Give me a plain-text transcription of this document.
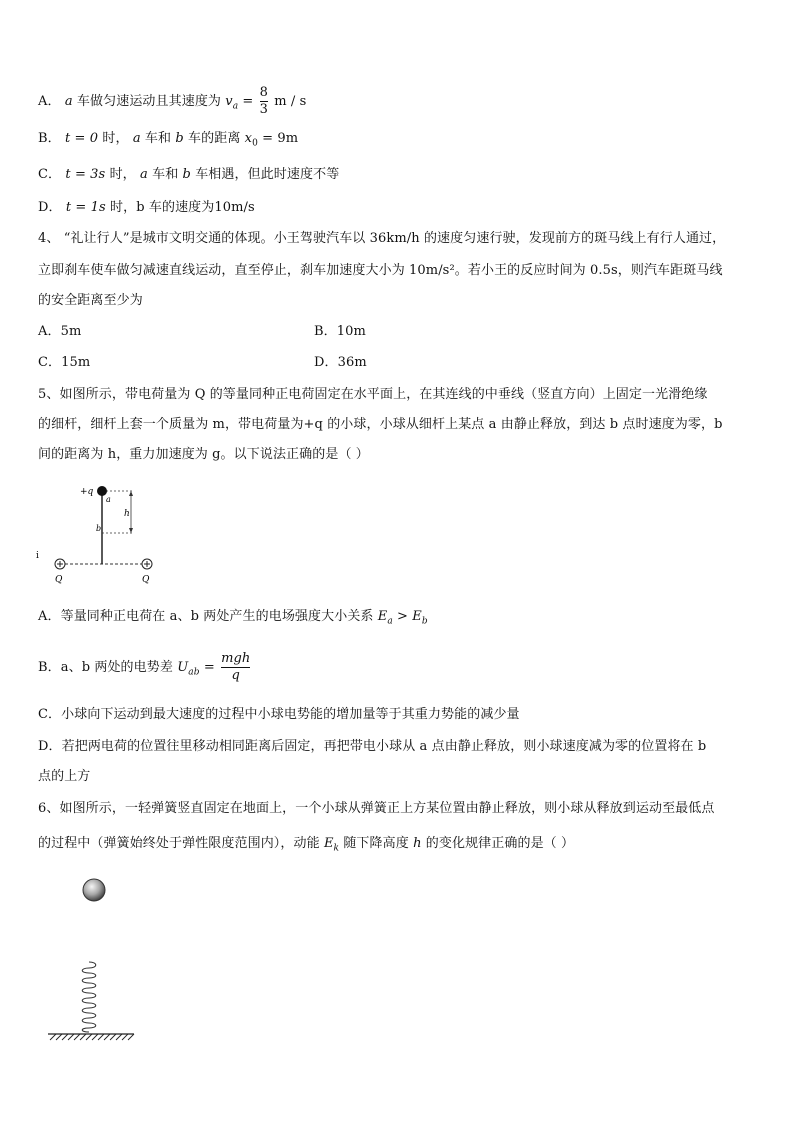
A． a 车做匀速运动且其速度为 $v_a = \frac{8}{3}$ m / s
B． t = 0 时， a 车和 b 车的距离 $x_0 = 9m$
C． t = 3s 时， a 车和 b 车相遇，但此时速度不等
D． t = 1s 时，b 车的速度为10m/s
4、 “礼让行人”是城市文明交通的体现。小王驾驶汽车以 36km/h 的速度匀速行驶，发现前方的斑马线上有行人通过，
立即刹车使车做匀减速直线运动，直至停止，刹车加速度大小为 10m/s²。若小王的反应时间为 0.5s，则汽车距斑马线
的安全距离至少为
A．5m	B．10m
C．15m	D．36m
5、如图所示，带电荷量为 Q 的等量同种正电荷固定在水平面上，在其连线的中垂线（竖直方向）上固定一光滑绝缘
的细杆，细杆上套一个质量为 m，带电荷量为+q 的小球，小球从细杆上某点 a 由静止释放，到达 b 点时速度为零，b
间的距离为 h，重力加速度为 g。以下说法正确的是（ ）
i
h
+q
a
b
Q	Q
A．等量同种正电荷在 a、b 两处产生的电场强度大小关系 $E_a > E_b$
B．a、b 两处的电势差 $U_{ab} = \frac{\text{mgh}}{q}$
C．小球向下运动到最大速度的过程中小球电势能的增加量等于其重力势能的减少量
D．若把两电荷的位置往里移动相同距离后固定，再把带电小球从 a 点由静止释放，则小球速度减为零的位置将在 b
点的上方
6、如图所示，一轻弹簧竖直固定在地面上，一个小球从弹簧正上方某位置由静止释放，则小球从释放到运动至最低点
的过程中（弹簧始终处于弹性限度范围内），动能 $E_k$ 随下降高度 h 的变化规律正确的是（ ）
